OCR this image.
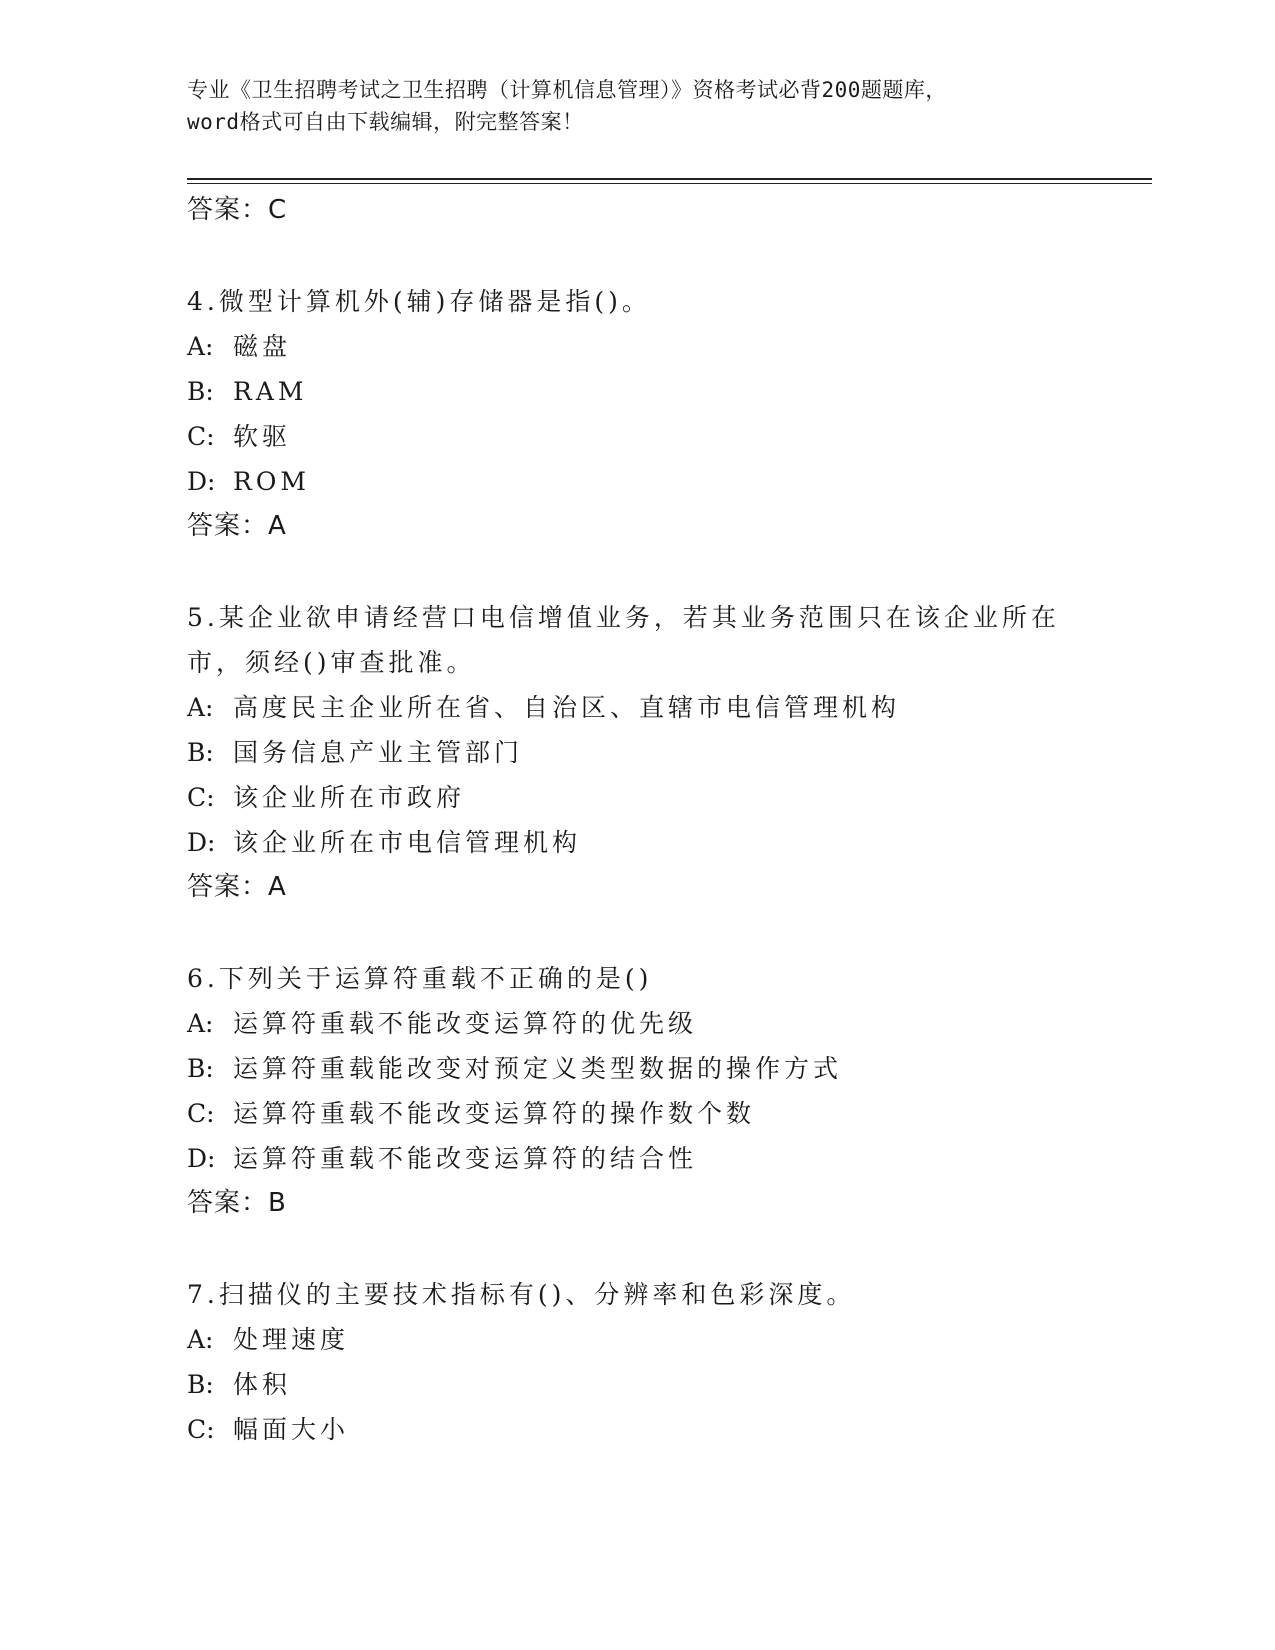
专业《卫生招聘考试之卫生招聘（计算机信息管理）》资格考试必背200题题库，
word格式可自由下载编辑，附完整答案！
答案：C
4.微型计算机外(辅)存储器是指()。
A: 磁盘
B: RAM
C: 软驱
D: ROM
答案：A
5.某企业欲申请经营口电信增值业务，若其业务范围只在该企业所在
市，须经()审查批准。
A: 高度民主企业所在省、自治区、直辖市电信管理机构
B: 国务信息产业主管部门
C: 该企业所在市政府
D: 该企业所在市电信管理机构
答案：A
6.下列关于运算符重载不正确的是()
A: 运算符重载不能改变运算符的优先级
B: 运算符重载能改变对预定义类型数据的操作方式
C: 运算符重载不能改变运算符的操作数个数
D: 运算符重载不能改变运算符的结合性
答案：B
7.扫描仪的主要技术指标有()、分辨率和色彩深度。
A: 处理速度
B: 体积
C: 幅面大小
